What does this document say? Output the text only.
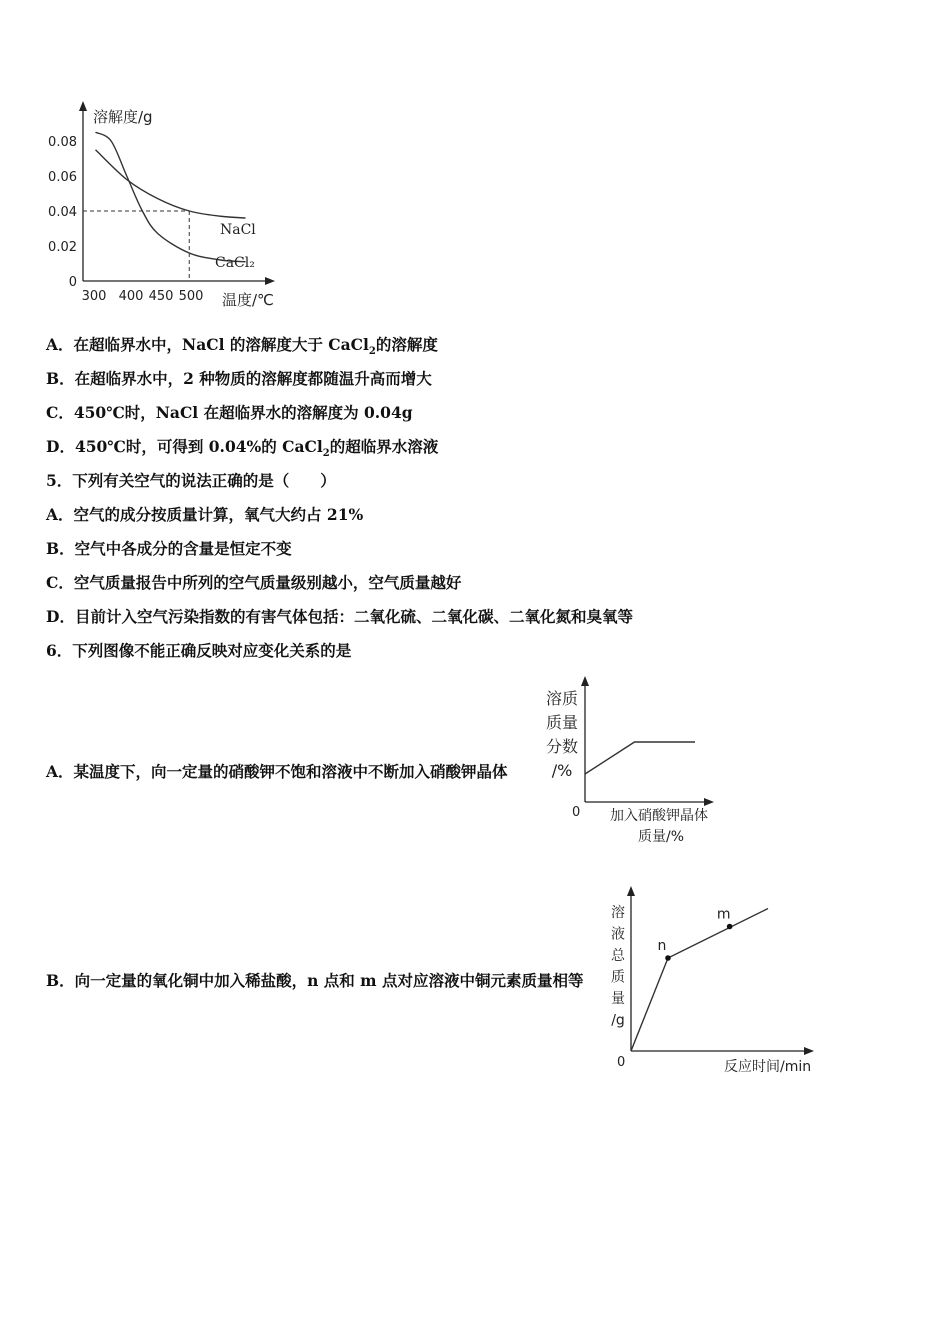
溶解度/g
温度/℃
0
0.02
0.04
0.06
0.08
300 400 450 500
NaCl
CaCl₂
A．在超临界水中，NaCl 的溶解度大于 CaCl$_2$的溶解度
B．在超临界水中，2 种物质的溶解度都随温升高而增大
C．450℃时，NaCl 在超临界水的溶解度为 0.04g
D．450℃时，可得到 0.04%的 CaCl$_2$的超临界水溶液
5．下列有关空气的说法正确的是（　　）
A．空气的成分按质量计算，氧气大约占 21%
B．空气中各成分的含量是恒定不变
C．空气质量报告中所列的空气质量级别越小，空气质量越好
D．目前计入空气污染指数的有害气体包括：二氧化硫、二氧化碳、二氧化氮和臭氧等
6．下列图像不能正确反映对应变化关系的是
A．某温度下，向一定量的硝酸钾不饱和溶液中不断加入硝酸钾晶体
B．向一定量的氧化铜中加入稀盐酸，n 点和 m 点对应溶液中铜元素质量相等
溶质
质量
分数
/%
0 加入硝酸钾晶体
质量/%
溶
液
总
质
量
/g
0	反应时间/min
n
m
